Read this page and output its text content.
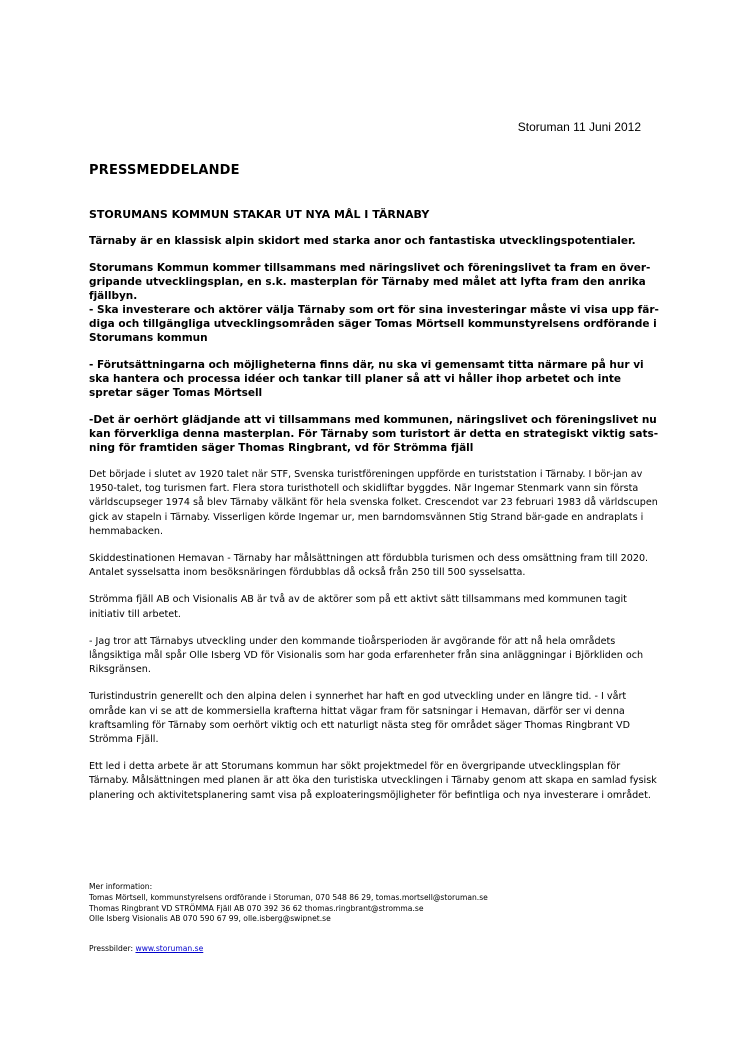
Storuman 11 Juni 2012
PRESSMEDDELANDE

STORUMANS KOMMUN STAKAR UT NYA MÅL I TÄRNABY

Tärnaby är en klassisk alpin skidort med starka anor och fantastiska utvecklingspotentialer.

Storumans Kommun kommer tillsammans med näringslivet och föreningslivet ta fram en över-gripande utvecklingsplan, en s.k. masterplan för Tärnaby med målet att lyfta fram den anrika fjällbyn.

- Ska investerare och aktörer välja Tärnaby som ort för sina investeringar måste vi visa upp fär-diga och tillgängliga utvecklingsområden säger Tomas Mörtsell kommunstyrelsens ordförande i Storumans kommun

- Förutsättningarna och möjligheterna finns där, nu ska vi gemensamt titta närmare på hur vi ska hantera och processa idéer och tankar till planer så att vi håller ihop arbetet och inte spretar säger Tomas Mörtsell

-Det är oerhört glädjande att vi tillsammans med kommunen, näringslivet och föreningslivet nu kan förverkliga denna masterplan. För Tärnaby som turistort är detta en strategiskt viktig sats-ning för framtiden säger Thomas Ringbrant, vd för Strömma fjäll

Det började i slutet av 1920 talet när STF, Svenska turistföreningen uppförde en turiststation i Tärnaby. I bör-jan av 1950-talet, tog turismen fart. Flera stora turisthotell och skidliftar byggdes. När Ingemar Stenmark vann sin första världscupseger 1974 så blev Tärnaby välkänt för hela svenska folket. Crescendot var 23 februari 1983 då världscupen gick av stapeln i Tärnaby. Visserligen körde Ingemar ur, men barndomsvännen Stig Strand bär-gade en andraplats i hemmabacken.

Skiddestinationen Hemavan - Tärnaby har målsättningen att fördubbla turismen och dess omsättning fram till 2020. Antalet sysselsatta inom besöksnäringen fördubblas då också från 250 till 500 sysselsatta.

Strömma fjäll AB och Visionalis AB är två av de aktörer som på ett aktivt sätt tillsammans med kommunen tagit initiativ till arbetet.

- Jag tror att Tärnabys utveckling under den kommande tioårsperioden är avgörande för att nå hela områdets långsiktiga mål spår Olle Isberg VD för Visionalis som har goda erfarenheter från sina anläggningar i Björkliden och Riksgränsen.

Turistindustrin generellt och den alpina delen i synnerhet har haft en god utveckling under en längre tid. - I vårt område kan vi se att de kommersiella krafterna hittat vägar fram för satsningar i Hemavan, därför ser vi denna kraftsamling för Tärnaby som oerhört viktig och ett naturligt nästa steg för området säger Thomas Ringbrant VD Strömma Fjäll.

Ett led i detta arbete är att Storumans kommun har sökt projektmedel för en övergripande utvecklingsplan för Tärnaby. Målsättningen med planen är att öka den turistiska utvecklingen i Tärnaby genom att skapa en samlad fysisk planering och aktivitetsplanering samt visa på exploateringsmöjligheter för befintliga och nya investerare i området.

Mer information:

Tomas Mörtsell, kommunstyrelsens ordförande i Storuman, 070 548 86 29, tomas.mortsell@storuman.se

Thomas Ringbrant VD STRÖMMA Fjäll AB 070 392 36 62 thomas.ringbrant@stromma.se

Olle Isberg Visionalis AB 070 590 67 99, olle.isberg@swipnet.se

Pressbilder: www.storuman.se
